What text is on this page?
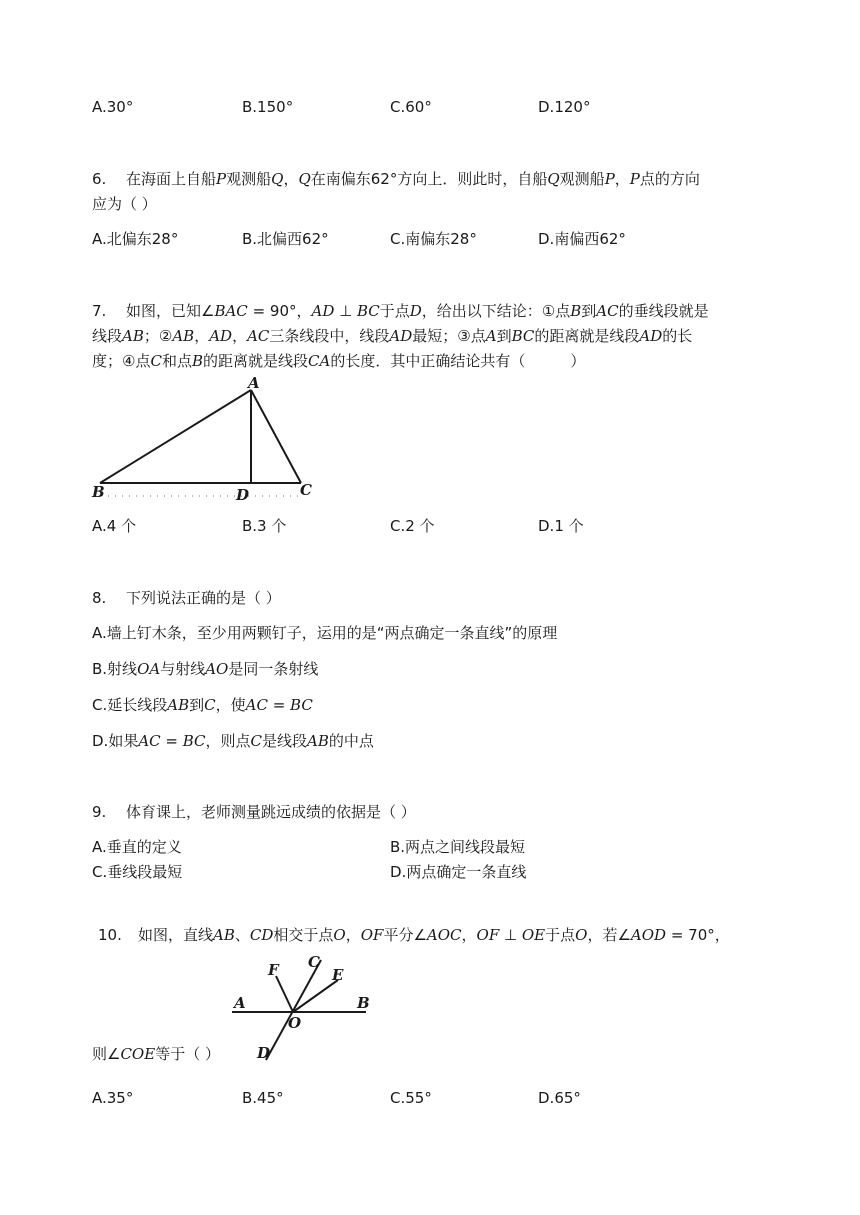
A.30°	B.150°	C.60°	D.120°
6. 在海面上自船P观测船Q，Q在南偏东62°方向上．则此时，自船Q观测船P，P点的方向
应为（ ）
A.北偏东28°	B.北偏西62°	C.南偏东28°	D.南偏西62°
7. 如图，已知∠BAC = 90°，AD ⊥ BC于点D，给出以下结论：①点B到AC的垂线段就是
线段AB；②AB，AD，AC三条线段中，线段AD最短；③点A到BC的距离就是线段AD的长
度；④点C和点B的距离就是线段CA的长度．其中正确结论共有（　　　）
A
B	C
D
A.4 个	B.3 个	C.2 个	D.1 个
8. 下列说法正确的是（ ）
A.墙上钉木条，至少用两颗钉子，运用的是“两点确定一条直线”的原理
B.射线OA与射线AO是同一条射线
C.延长线段AB到C，使AC = BC
D.如果AC = BC，则点C是线段AB的中点
9. 体育课上，老师测量跳远成绩的依据是（ ）
A.垂直的定义	B.两点之间线段最短
C.垂线段最短	D.两点确定一条直线
10. 如图，直线AB、CD相交于点O，OF平分∠AOC，OF ⊥ OE于点O，若∠AOD = 70°，
A	B
C
D
E
F
O
则∠COE等于（ ）
A.35°	B.45°	C.55°	D.65°
